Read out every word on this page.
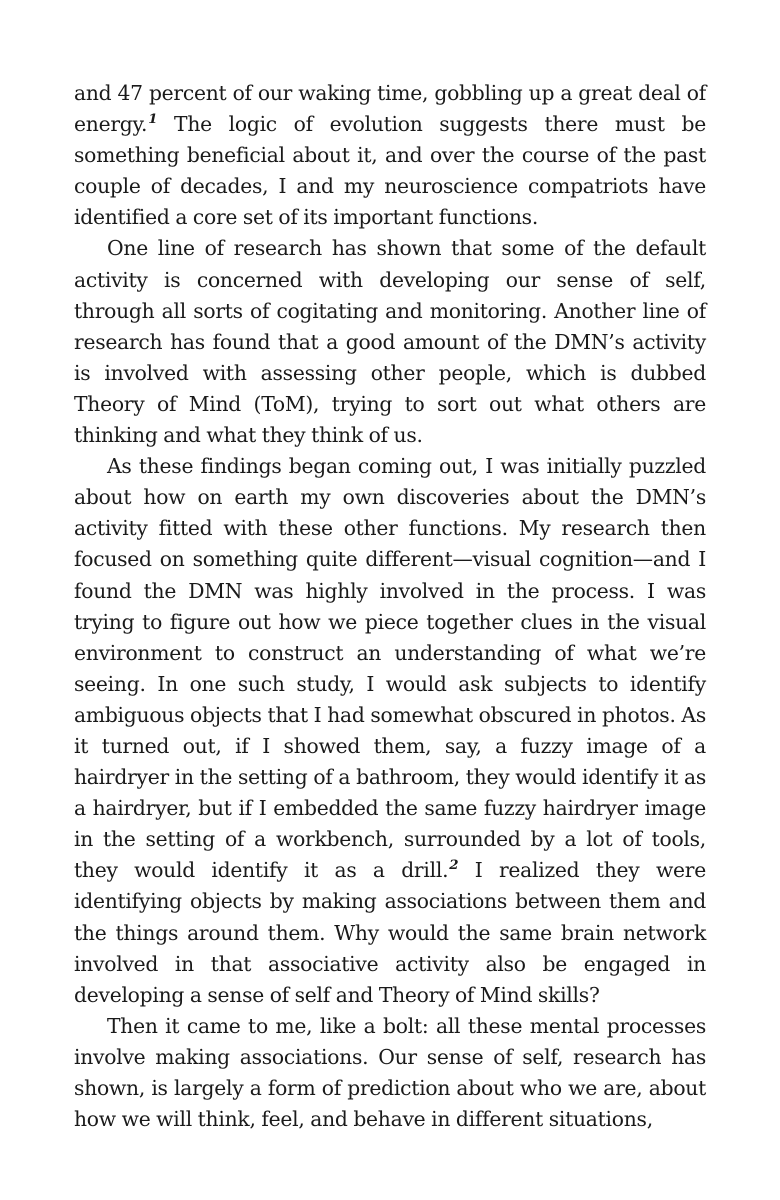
and 47 percent of our waking time, gobbling up a great deal of energy.$^1$ The logic of evolution suggests there must be something beneficial about it, and over the course of the past couple of decades, I and my neuroscience compatriots have identified a core set of its important functions.

One line of research has shown that some of the default activity is concerned with developing our sense of self, through all sorts of cogitating and monitoring. Another line of research has found that a good amount of the DMN’s activity is involved with assessing other people, which is dubbed Theory of Mind (ToM), trying to sort out what others are thinking and what they think of us.

As these findings began coming out, I was initially puzzled about how on earth my own discoveries about the DMN’s activity fitted with these other functions. My research then focused on something quite different—visual cognition—and I found the DMN was highly involved in the process. I was trying to figure out how we piece together clues in the visual environment to construct an understanding of what we’re seeing. In one such study, I would ask subjects to identify ambiguous objects that I had somewhat obscured in photos. As it turned out, if I showed them, say, a fuzzy image of a hairdryer in the setting of a bathroom, they would identify it as a hairdryer, but if I embedded the same fuzzy hairdryer image in the setting of a workbench, surrounded by a lot of tools, they would identify it as a drill.$^2$ I realized they were identifying objects by making associations between them and the things around them. Why would the same brain network involved in that associative activity also be engaged in developing a sense of self and Theory of Mind skills?

Then it came to me, like a bolt: all these mental processes involve making associations. Our sense of self, research has shown, is largely a form of prediction about who we are, about how we will think, feel, and behave in different situations,
